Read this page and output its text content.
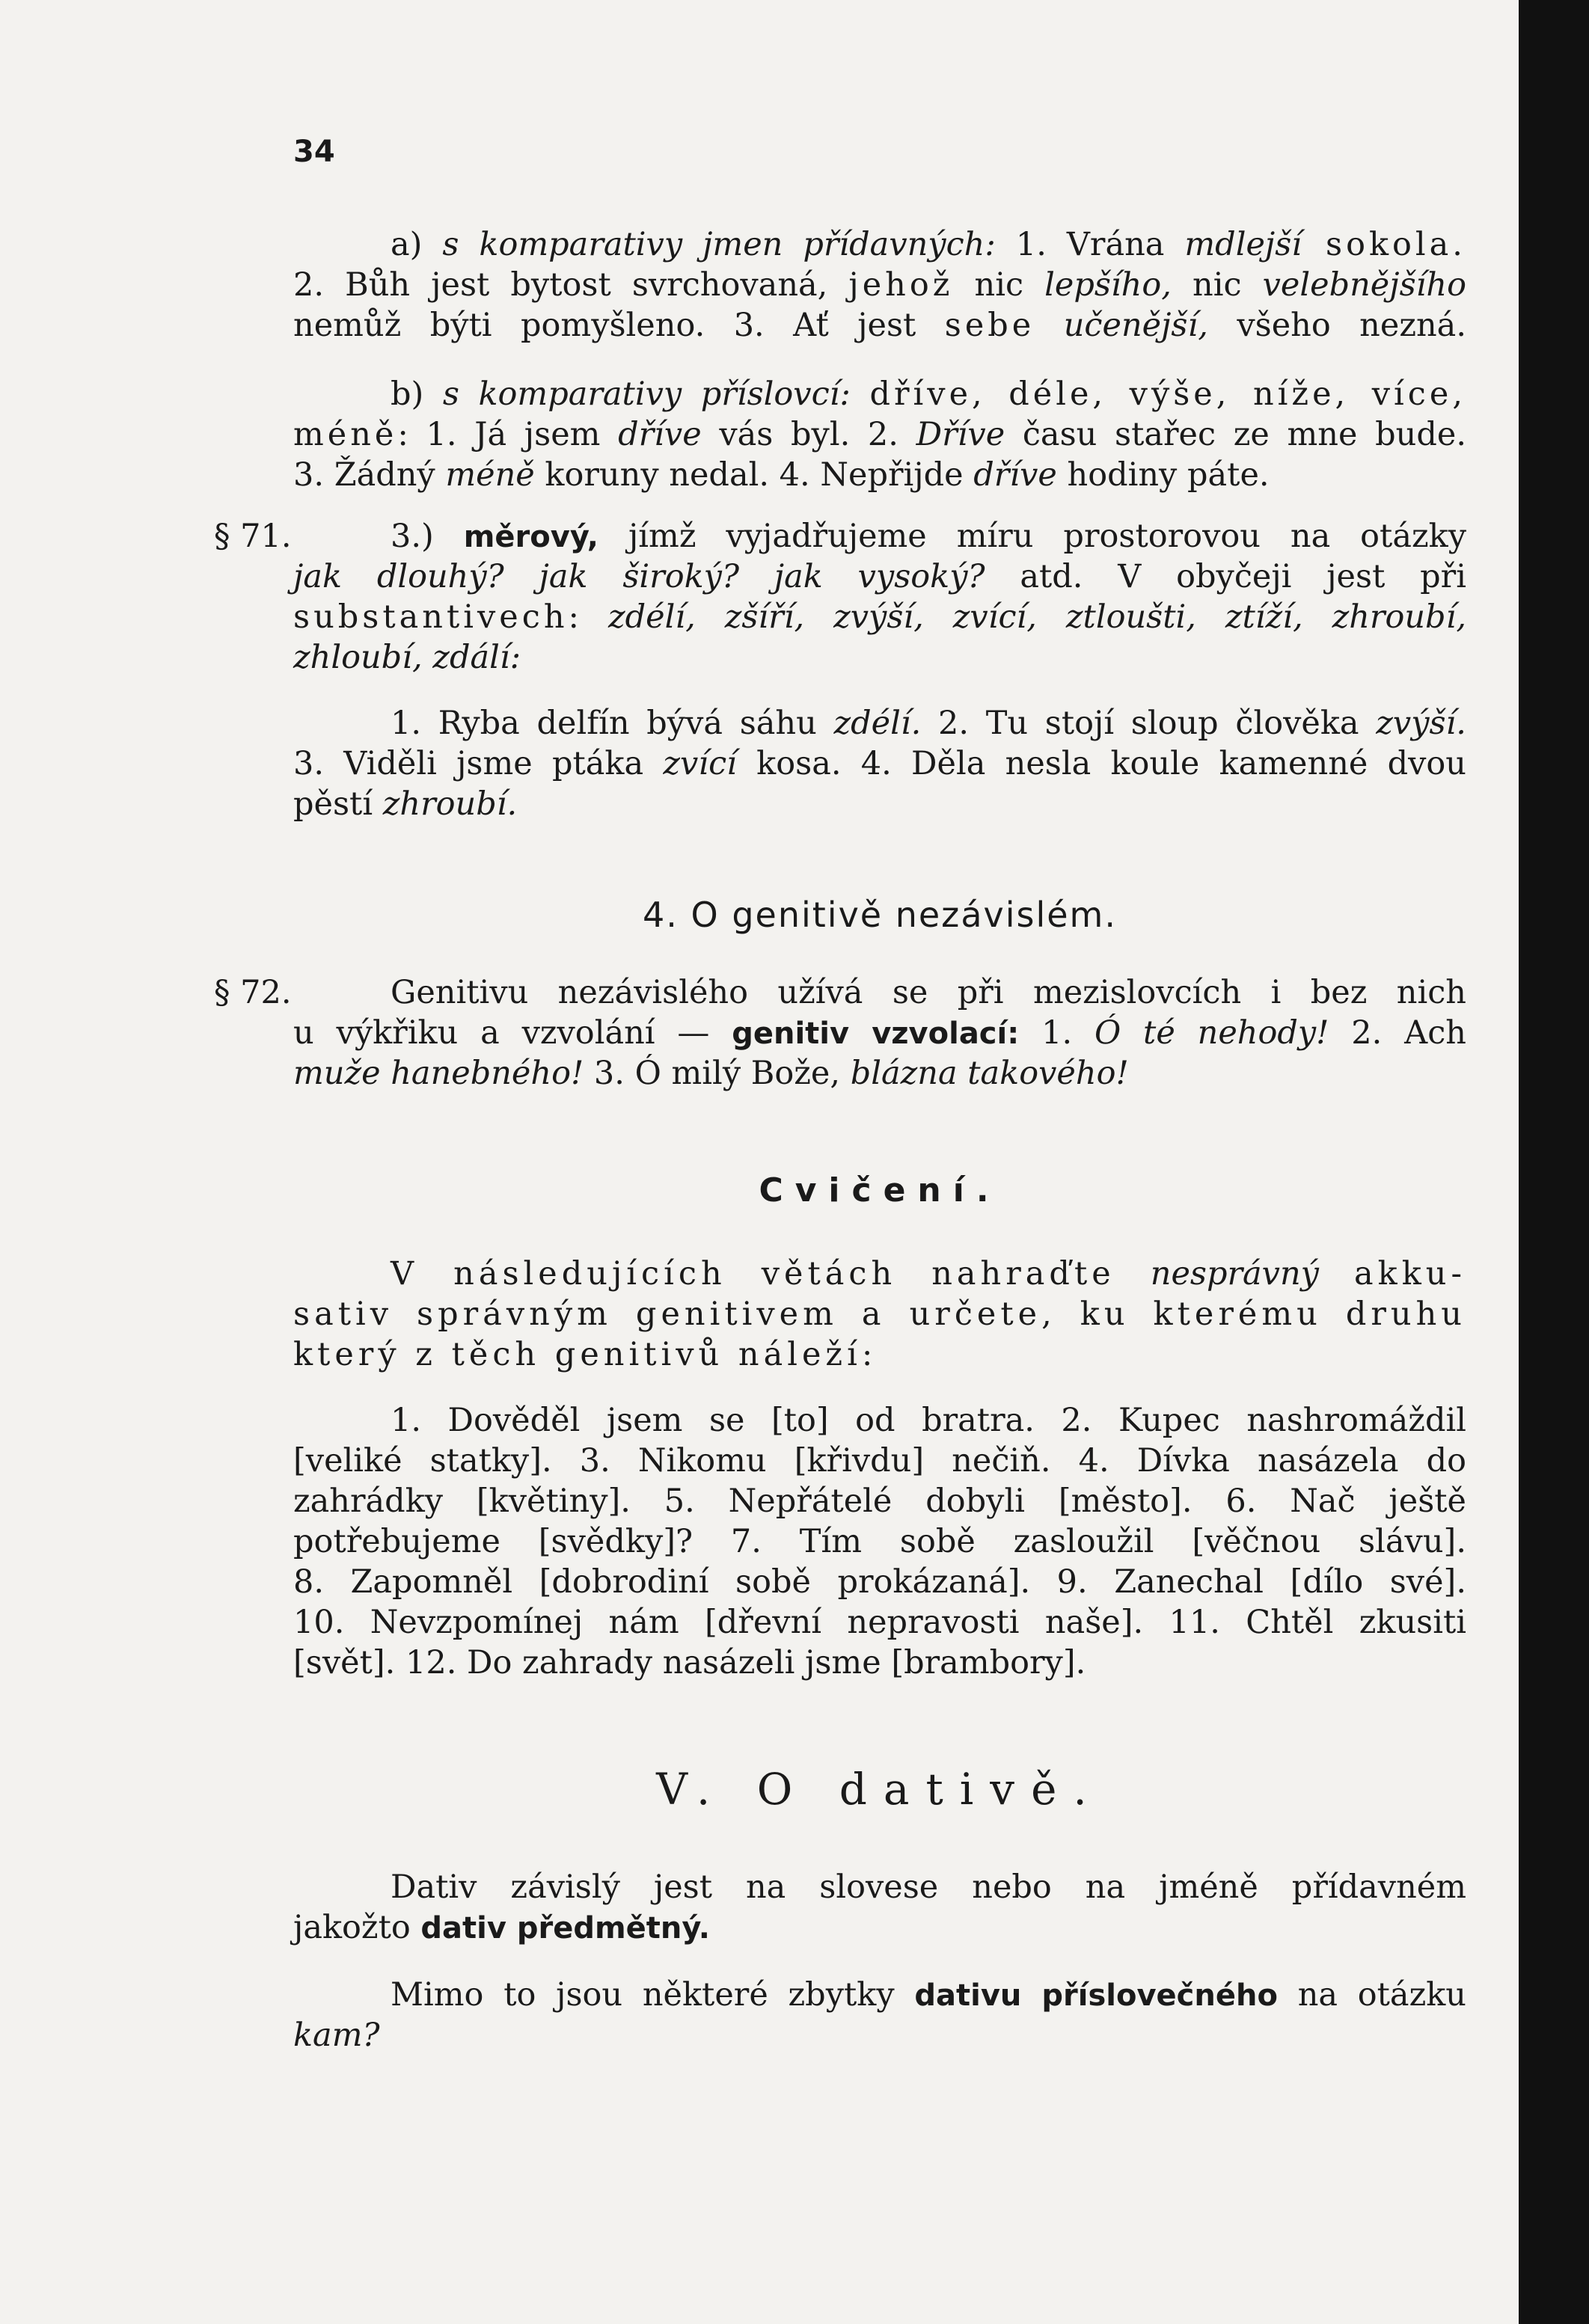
34
a) s komparativy jmen přídavných: 1. Vrána mdlejší sokola.
2. Bůh jest bytost svrchovaná, jehož nic lepšího, nic velebnějšího
nemůž býti pomyšleno. 3. Ať jest sebe učenější, všeho nezná.
b) s komparativy příslovcí: dříve, déle, výše, níže, více,
méně: 1. Já jsem dříve vás byl. 2. Dříve času stařec ze mne bude.
3. Žádný méně koruny nedal. 4. Nepřijde dříve hodiny páte.
§ 71.	3.) měrový, jímž vyjadřujeme míru prostorovou na otázky
jak dlouhý? jak široký? jak vysoký? atd. V obyčeji jest při
substantivech: zdélí, zšíří, zvýší, zvící, ztloušti, ztíží, zhroubí,
zhloubí, zdálí:
1. Ryba delfín bývá sáhu zdélí. 2. Tu stojí sloup člověka zvýší.
3. Viděli jsme ptáka zvící kosa. 4. Děla nesla koule kamenné dvou
pěstí zhroubí.
4. O genitivě nezávislém.
§ 72.	Genitivu nezávislého užívá se při mezislovcích i bez nich
u výkřiku a vzvolání — genitiv vzvolací: 1. Ó té nehody! 2. Ach
muže hanebného! 3. Ó milý Bože, blázna takového!
Cvičení.
V následujících větách nahraďte nesprávný akku-
sativ správným genitivem a určete, ku kterému druhu
který z těch genitivů náleží:
1. Dověděl jsem se [to] od bratra. 2. Kupec nashromáždil
[veliké statky]. 3. Nikomu [křivdu] nečiň. 4. Dívka nasázela do
zahrádky [květiny]. 5. Nepřátelé dobyli [město]. 6. Nač ještě
potřebujeme [svědky]? 7. Tím sobě zasloužil [věčnou slávu].
8. Zapomněl [dobrodiní sobě prokázaná]. 9. Zanechal [dílo své].
10. Nevzpomínej nám [dřevní nepravosti naše]. 11. Chtěl zkusiti
[svět]. 12. Do zahrady nasázeli jsme [brambory].
V. O dativě.
Dativ závislý jest na slovese nebo na jméně přídavném
jakožto dativ předmětný.
Mimo to jsou některé zbytky dativu příslovečného na otázku
kam?
